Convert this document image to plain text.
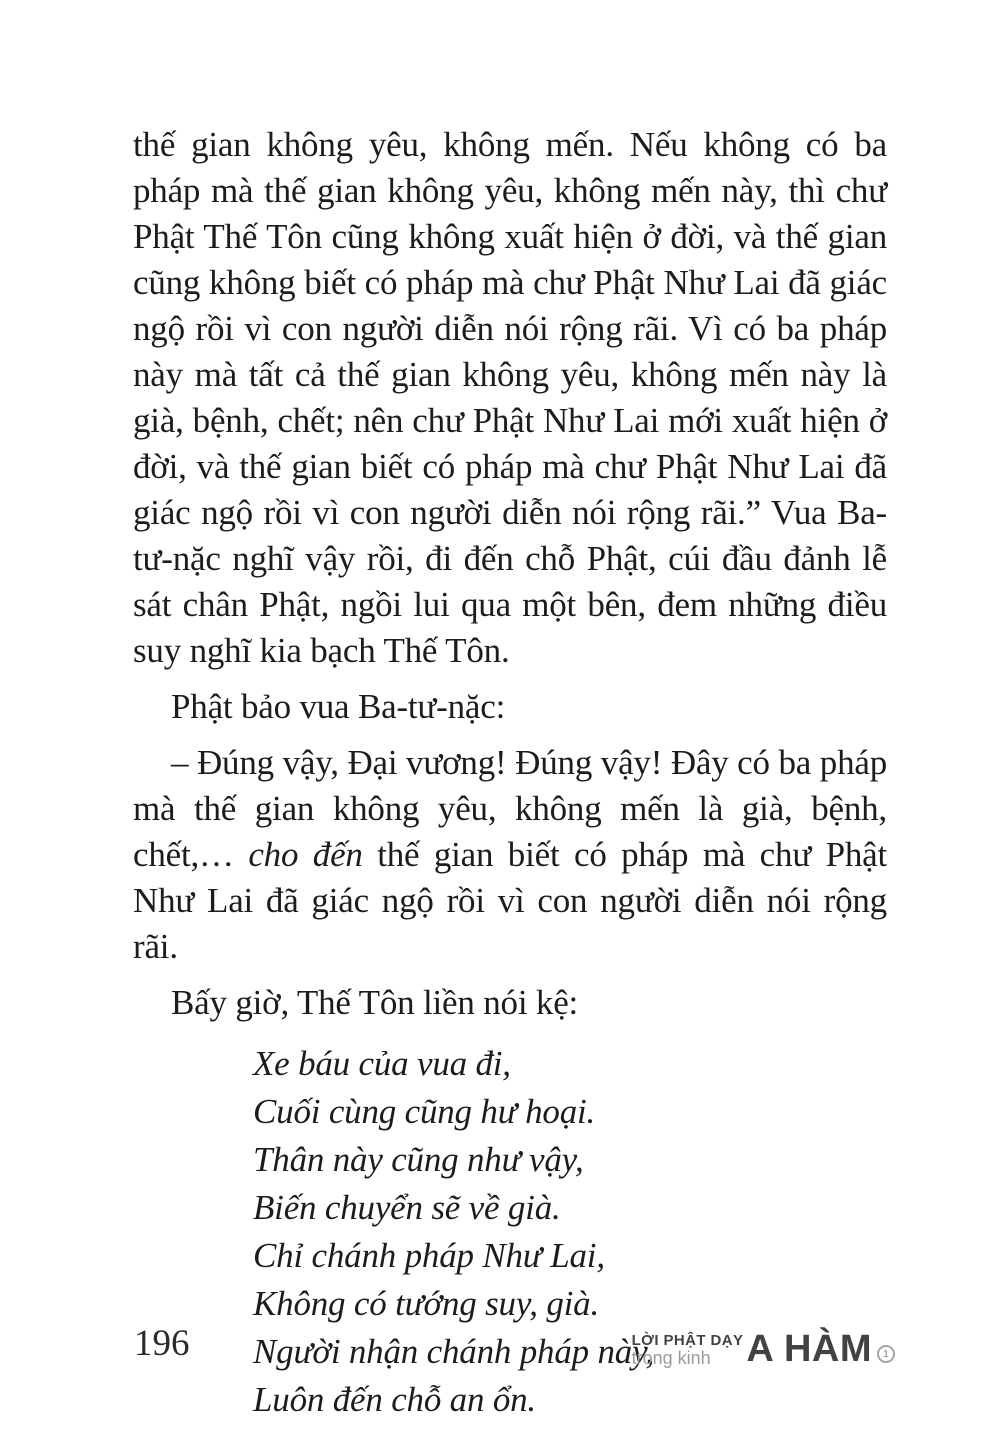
thế gian không yêu, không mến. Nếu không có ba pháp mà thế gian không yêu, không mến này, thì chư Phật Thế Tôn cũng không xuất hiện ở đời, và thế gian cũng không biết có pháp mà chư Phật Như Lai đã giác ngộ rồi vì con người diễn nói rộng rãi. Vì có ba pháp này mà tất cả thế gian không yêu, không mến này là già, bệnh, chết; nên chư Phật Như Lai mới xuất hiện ở đời, và thế gian biết có pháp mà chư Phật Như Lai đã giác ngộ rồi vì con người diễn nói rộng rãi.” Vua Ba-tư-nặc nghĩ vậy rồi, đi đến chỗ Phật, cúi đầu đảnh lễ sát chân Phật, ngồi lui qua một bên, đem những điều suy nghĩ kia bạch Thế Tôn.

Phật bảo vua Ba-tư-nặc:

– Đúng vậy, Đại vương! Đúng vậy! Đây có ba pháp mà thế gian không yêu, không mến là già, bệnh, chết,… cho đến thế gian biết có pháp mà chư Phật Như Lai đã giác ngộ rồi vì con người diễn nói rộng rãi.

Bấy giờ, Thế Tôn liền nói kệ:

Xe báu của vua đi,
Cuối cùng cũng hư hoại.
Thân này cũng như vậy,
Biến chuyển sẽ về già.
Chỉ chánh pháp Như Lai,
Không có tướng suy, già.
Người nhận chánh pháp này,
Luôn đến chỗ an ổn.
196	LỜI PHẬT DẠY
trong kinh A HÀM	1
